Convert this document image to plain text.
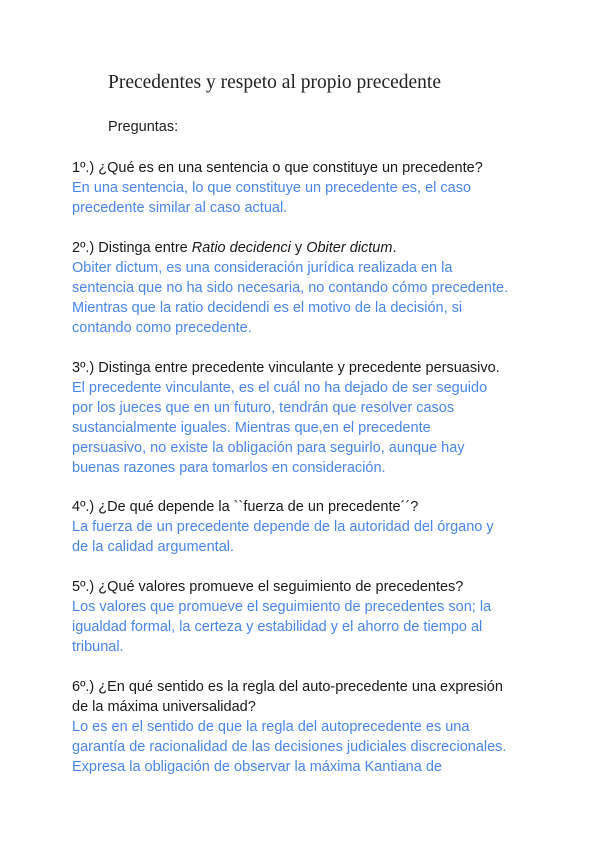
Precedentes y respeto al propio precedente
Preguntas:
1º.) ¿Qué es en una sentencia o que constituye un precedente?
En una sentencia, lo que constituye un precedente es, el caso
precedente similar al caso actual.
2º.) Distinga entre Ratio decidenci y Obiter dictum.
Obiter dictum, es una consideración jurídica realizada en la
sentencia que no ha sido necesaria, no contando cómo precedente.
Mientras que la ratio decidendi es el motivo de la decisión, si
contando como precedente.
3º.) Distinga entre precedente vinculante y precedente persuasivo.
El precedente vinculante, es el cuál no ha dejado de ser seguido
por los jueces que en un futuro, tendrán que resolver casos
sustancialmente iguales. Mientras que,en el precedente
persuasivo, no existe la obligación para seguirlo, aunque hay
buenas razones para tomarlos en consideración.
4º.) ¿De qué depende la ``fuerza de un precedente´´?
La fuerza de un precedente depende de la autoridad del órgano y
de la calidad argumental.
5º.) ¿Qué valores promueve el seguimiento de precedentes?
Los valores que promueve el seguimiento de precedentes son; la
igualdad formal, la certeza y estabilidad y el ahorro de tiempo al
tribunal.
6º.) ¿En qué sentido es la regla del auto-precedente una expresión
de la máxima universalidad?
Lo es en el sentido de que la regla del autoprecedente es una
garantía de racionalidad de las decisiones judiciales discrecionales.
Expresa la obligación de observar la máxima Kantiana de
